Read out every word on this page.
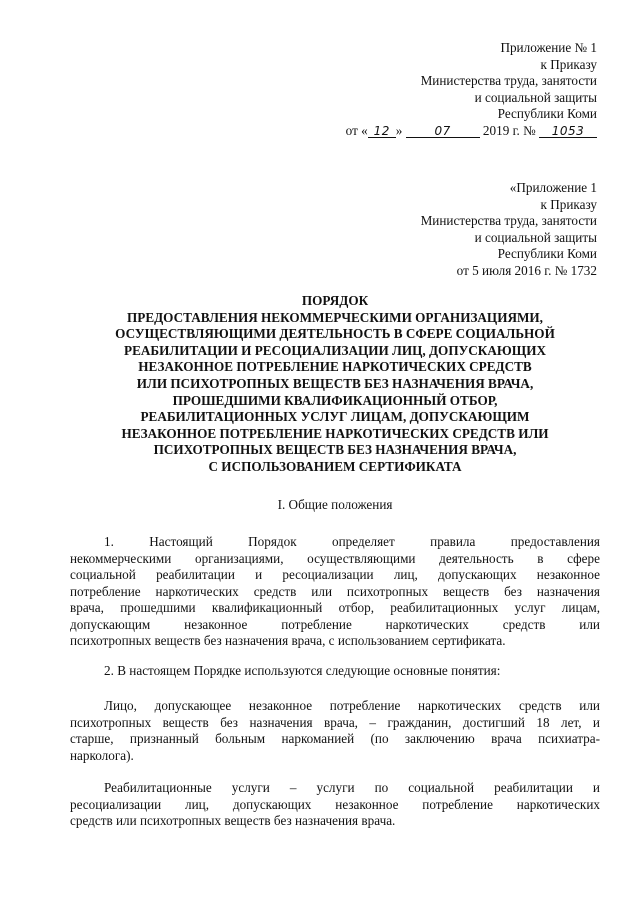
Приложение № 1
к Приказу
Министерства труда, занятости
и социальной защиты
Республики Коми
от « 12 »	07 2019 г. № 1053
«Приложение 1
к Приказу
Министерства труда, занятости
и социальной защиты
Республики Коми
от 5 июля 2016 г. № 1732
ПОРЯДОК
ПРЕДОСТАВЛЕНИЯ НЕКОММЕРЧЕСКИМИ ОРГАНИЗАЦИЯМИ,
ОСУЩЕСТВЛЯЮЩИМИ ДЕЯТЕЛЬНОСТЬ В СФЕРЕ СОЦИАЛЬНОЙ
РЕАБИЛИТАЦИИ И РЕСОЦИАЛИЗАЦИИ ЛИЦ, ДОПУСКАЮЩИХ
НЕЗАКОННОЕ ПОТРЕБЛЕНИЕ НАРКОТИЧЕСКИХ СРЕДСТВ
ИЛИ ПСИХОТРОПНЫХ ВЕЩЕСТВ БЕЗ НАЗНАЧЕНИЯ ВРАЧА,
ПРОШЕДШИМИ КВАЛИФИКАЦИОННЫЙ ОТБОР,
РЕАБИЛИТАЦИОННЫХ УСЛУГ ЛИЦАМ, ДОПУСКАЮЩИМ
НЕЗАКОННОЕ ПОТРЕБЛЕНИЕ НАРКОТИЧЕСКИХ СРЕДСТВ ИЛИ
ПСИХОТРОПНЫХ ВЕЩЕСТВ БЕЗ НАЗНАЧЕНИЯ ВРАЧА,
С ИСПОЛЬЗОВАНИЕМ СЕРТИФИКАТА
I. Общие положения
1. Настоящий Порядок определяет правила предоставления
некоммерческими организациями, осуществляющими деятельность в сфере
социальной реабилитации и ресоциализации лиц, допускающих незаконное
потребление наркотических средств или психотропных веществ без назначения
врача, прошедшими квалификационный отбор, реабилитационных услуг лицам,
допускающим незаконное потребление наркотических средств или
психотропных веществ без назначения врача, с использованием сертификата.
2. В настоящем Порядке используются следующие основные понятия:
Лицо, допускающее незаконное потребление наркотических средств или
психотропных веществ без назначения врача, – гражданин, достигший 18 лет, и
старше, признанный больным наркоманией (по заключению врача психиатра-
нарколога).
Реабилитационные услуги – услуги по социальной реабилитации и
ресоциализации лиц, допускающих незаконное потребление наркотических
средств или психотропных веществ без назначения врача.
